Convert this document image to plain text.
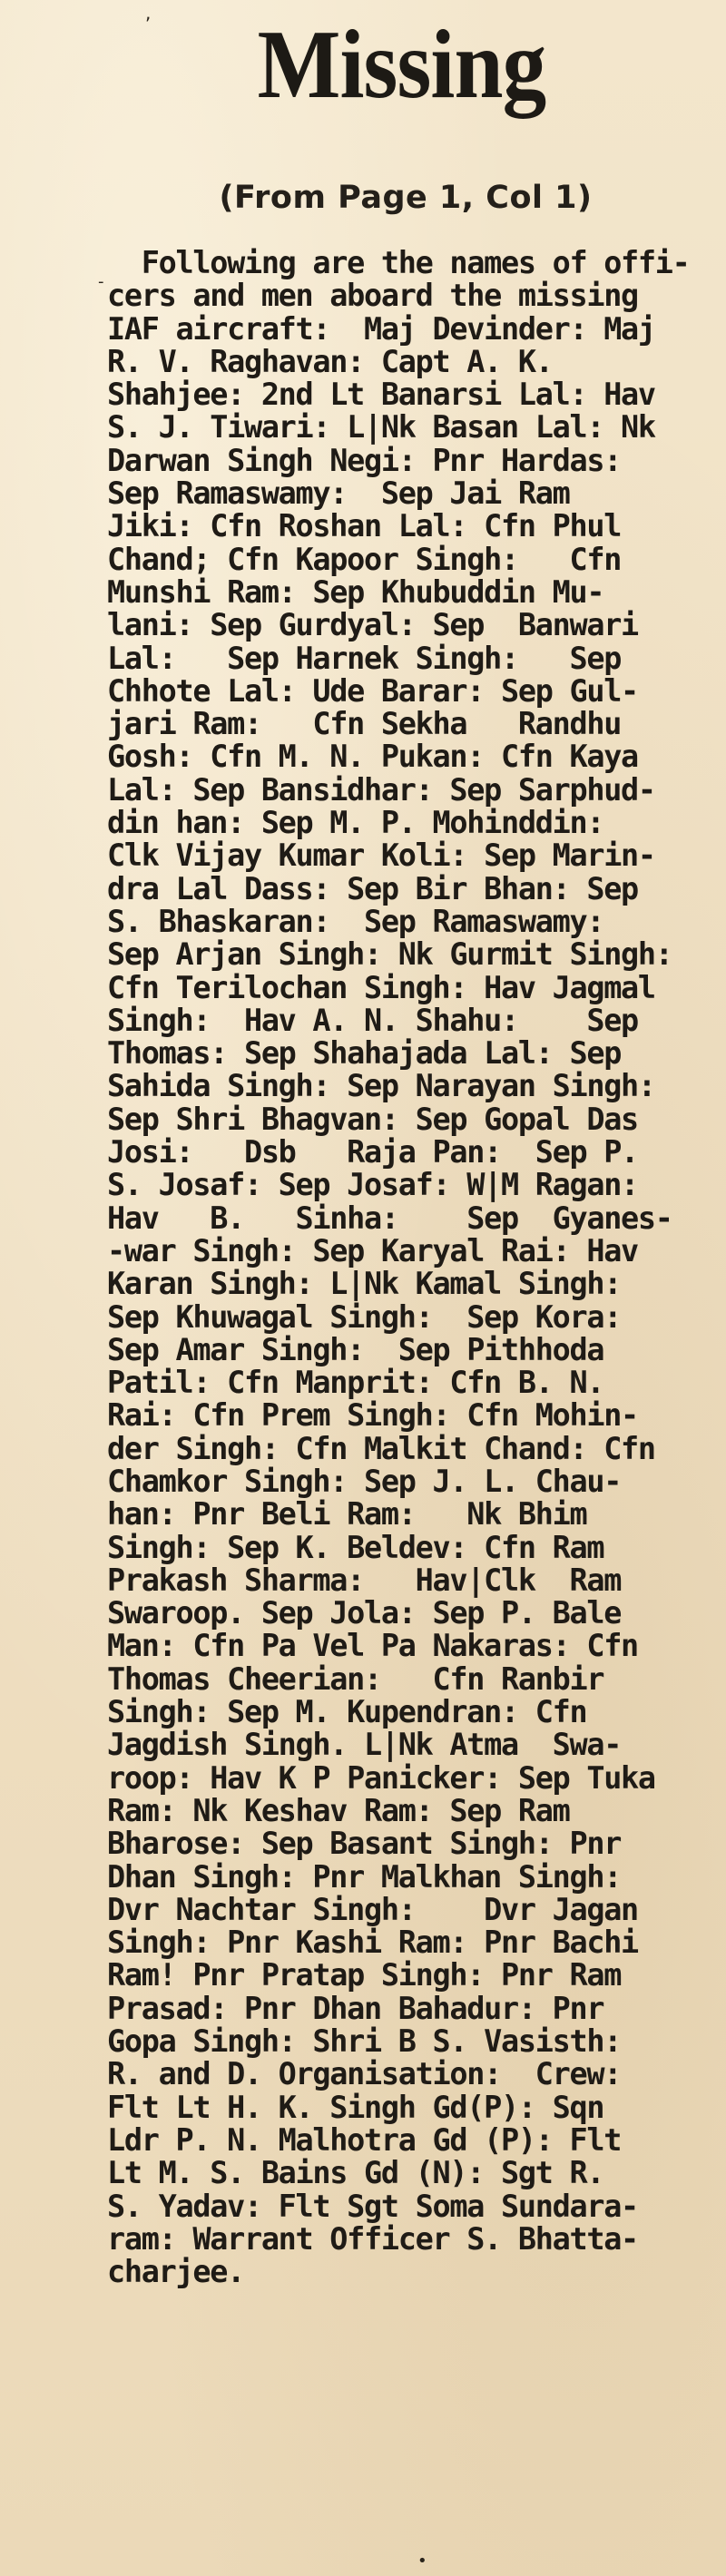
Missing
(From Page 1, Col 1)
Following are the names of offi-
cers and men aboard the missing
IAF aircraft:  Maj Devinder: Maj
R. V. Raghavan: Capt A. K.
Shahjee: 2nd Lt Banarsi Lal: Hav
S. J. Tiwari: L|Nk Basan Lal: Nk
Darwan Singh Negi: Pnr Hardas:
Sep Ramaswamy:  Sep Jai Ram
Jiki: Cfn Roshan Lal: Cfn Phul
Chand; Cfn Kapoor Singh:   Cfn
Munshi Ram: Sep Khubuddin Mu-
lani: Sep Gurdyal: Sep  Banwari
Lal:   Sep Harnek Singh:   Sep
Chhote Lal: Ude Barar: Sep Gul-
jari Ram:   Cfn Sekha   Randhu
Gosh: Cfn M. N. Pukan: Cfn Kaya
Lal: Sep Bansidhar: Sep Sarphud-
din han: Sep M. P. Mohinddin:
Clk Vijay Kumar Koli: Sep Marin-
dra Lal Dass: Sep Bir Bhan: Sep
S. Bhaskaran:  Sep Ramaswamy:
Sep Arjan Singh: Nk Gurmit Singh:
Cfn Terilochan Singh: Hav Jagmal
Singh:  Hav A. N. Shahu:    Sep
Thomas: Sep Shahajada Lal: Sep
Sahida Singh: Sep Narayan Singh:
Sep Shri Bhagvan: Sep Gopal Das
Josi:   Dsb   Raja Pan:  Sep P.
S. Josaf: Sep Josaf: W|M Ragan:
Hav   B.   Sinha:    Sep  Gyanes-
-war Singh: Sep Karyal Rai: Hav
Karan Singh: L|Nk Kamal Singh:
Sep Khuwagal Singh:  Sep Kora:
Sep Amar Singh:  Sep Pithhoda
Patil: Cfn Manprit: Cfn B. N.
Rai: Cfn Prem Singh: Cfn Mohin-
der Singh: Cfn Malkit Chand: Cfn
Chamkor Singh: Sep J. L. Chau-
han: Pnr Beli Ram:   Nk Bhim
Singh: Sep K. Beldev: Cfn Ram
Prakash Sharma:   Hav|Clk  Ram
Swaroop. Sep Jola: Sep P. Bale
Man: Cfn Pa Vel Pa Nakaras: Cfn
Thomas Cheerian:   Cfn Ranbir
Singh: Sep M. Kupendran: Cfn
Jagdish Singh. L|Nk Atma  Swa-
roop: Hav K P Panicker: Sep Tuka
Ram: Nk Keshav Ram: Sep Ram
Bharose: Sep Basant Singh: Pnr
Dhan Singh: Pnr Malkhan Singh:
Dvr Nachtar Singh:    Dvr Jagan
Singh: Pnr Kashi Ram: Pnr Bachi
Ram! Pnr Pratap Singh: Pnr Ram
Prasad: Pnr Dhan Bahadur: Pnr
Gopa Singh: Shri B S. Vasisth:
R. and D. Organisation:  Crew:
Flt Lt H. K. Singh Gd(P): Sqn
Ldr P. N. Malhotra Gd (P): Flt
Lt M. S. Bains Gd (N): Sgt R.
S. Yadav: Flt Sgt Soma Sundara-
ram: Warrant Officer S. Bhatta-
charjee.
,
-
•
